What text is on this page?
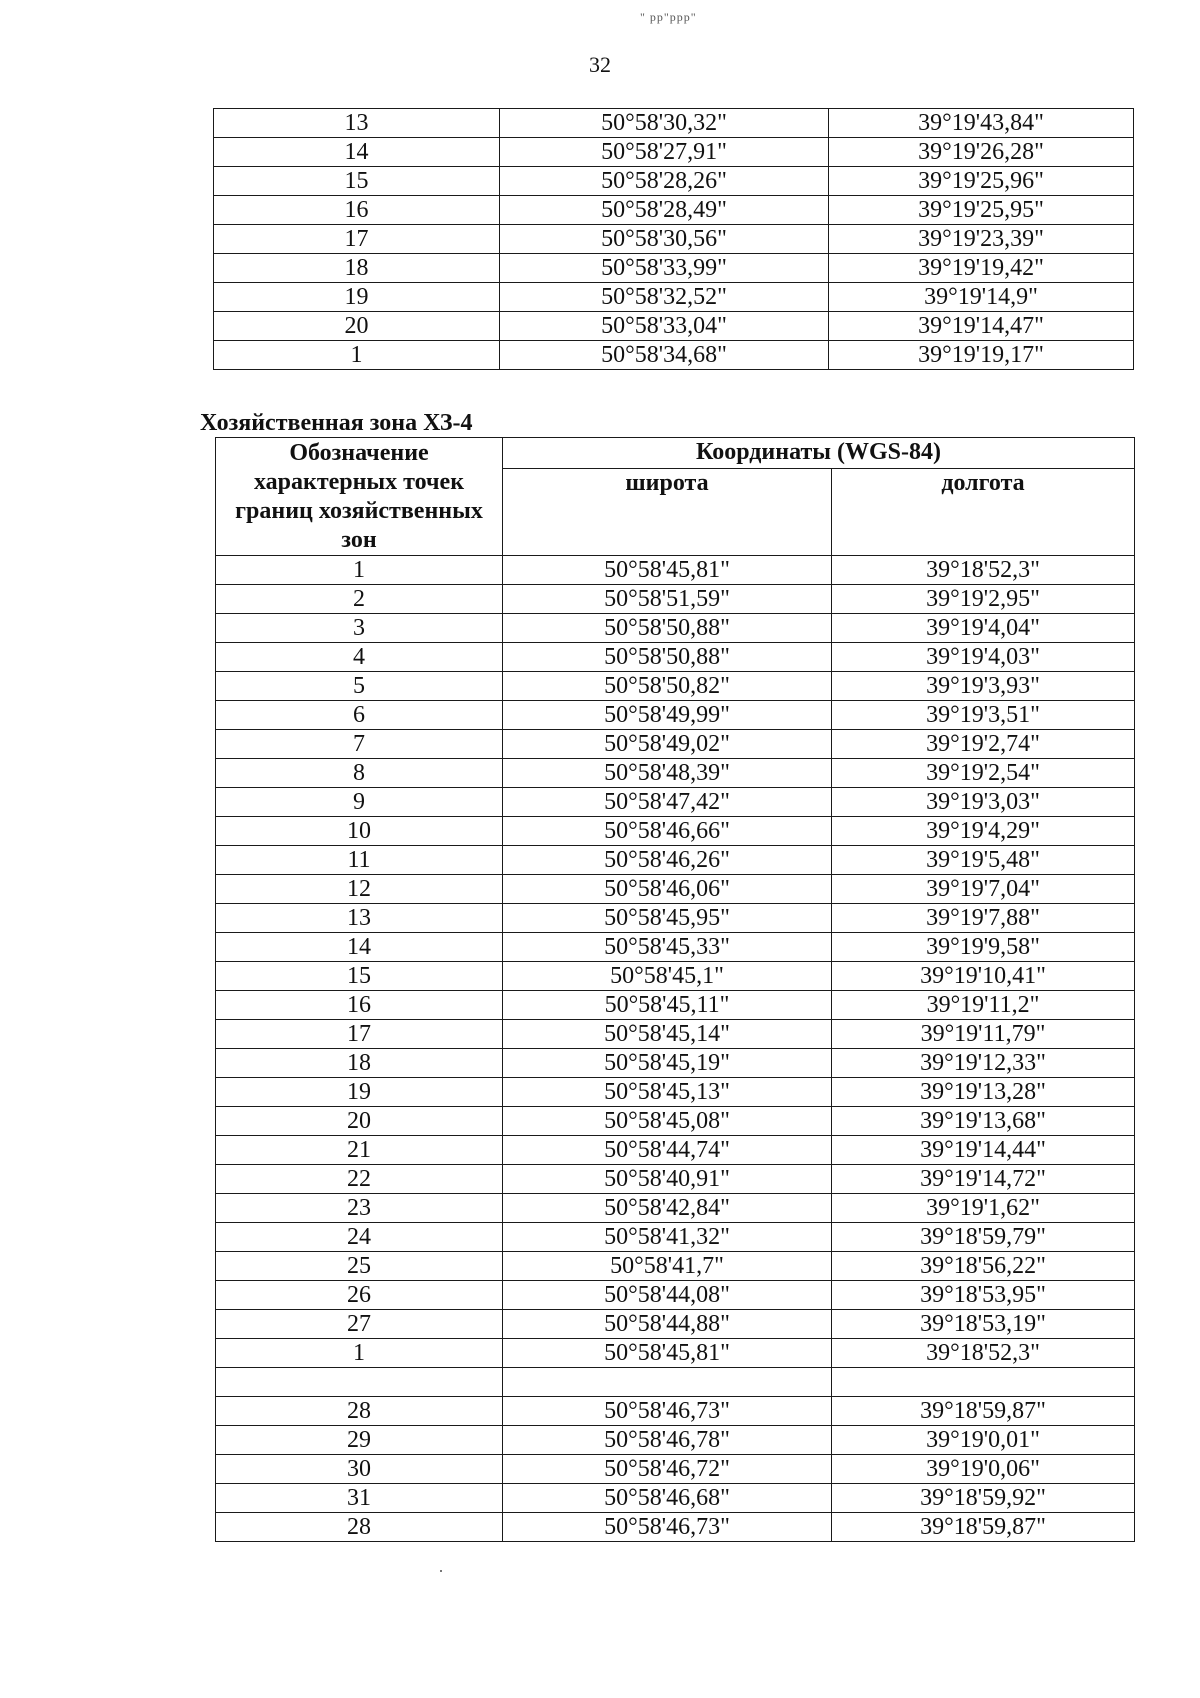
" рр"ррр"
32
13	50°58'30,32"	39°19'43,84"
14	50°58'27,91"	39°19'26,28"
15	50°58'28,26"	39°19'25,96"
16	50°58'28,49"	39°19'25,95"
17	50°58'30,56"	39°19'23,39"
18	50°58'33,99"	39°19'19,42"
19	50°58'32,52"	39°19'14,9"
20	50°58'33,04"	39°19'14,47"
1	50°58'34,68"	39°19'19,17"
Хозяйственная зона ХЗ-4
Обозначение характерных точек границ хозяйственных зон	Координаты (WGS-84)	
	широта	долгота
1	50°58'45,81"	39°18'52,3"
2	50°58'51,59"	39°19'2,95"
3	50°58'50,88"	39°19'4,04"
4	50°58'50,88"	39°19'4,03"
5	50°58'50,82"	39°19'3,93"
6	50°58'49,99"	39°19'3,51"
7	50°58'49,02"	39°19'2,74"
8	50°58'48,39"	39°19'2,54"
9	50°58'47,42"	39°19'3,03"
10	50°58'46,66"	39°19'4,29"
11	50°58'46,26"	39°19'5,48"
12	50°58'46,06"	39°19'7,04"
13	50°58'45,95"	39°19'7,88"
14	50°58'45,33"	39°19'9,58"
15	50°58'45,1"	39°19'10,41"
16	50°58'45,11"	39°19'11,2"
17	50°58'45,14"	39°19'11,79"
18	50°58'45,19"	39°19'12,33"
19	50°58'45,13"	39°19'13,28"
20	50°58'45,08"	39°19'13,68"
21	50°58'44,74"	39°19'14,44"
22	50°58'40,91"	39°19'14,72"
23	50°58'42,84"	39°19'1,62"
24	50°58'41,32"	39°18'59,79"
25	50°58'41,7"	39°18'56,22"
26	50°58'44,08"	39°18'53,95"
27	50°58'44,88"	39°18'53,19"
1	50°58'45,81"	39°18'52,3"

28	50°58'46,73"	39°18'59,87"
29	50°58'46,78"	39°19'0,01"
30	50°58'46,72"	39°19'0,06"
31	50°58'46,68"	39°18'59,92"
28	50°58'46,73"	39°18'59,87"
